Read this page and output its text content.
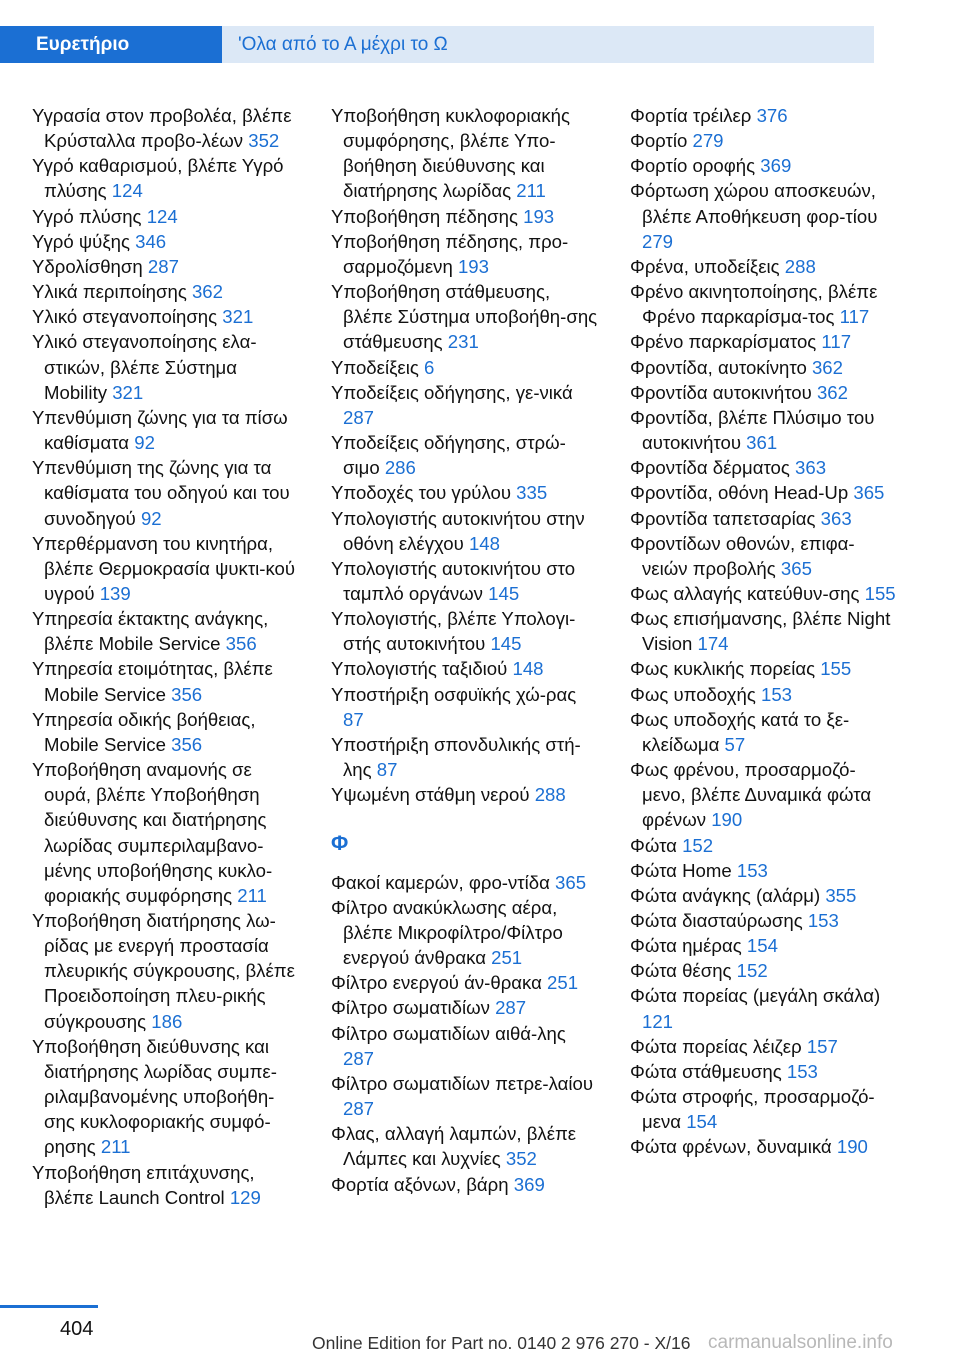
Ευρετήριο	'Ολα από το Α μέχρι το Ω
Υγρασία στον προβολέα, βλέπε Κρύσταλλα προβο‐λέων 352
Υγρό καθαρισμού, βλέπε Υγρό πλύσης 124
Υγρό πλύσης 124
Υγρό ψύξης 346
Υδρολίσθηση 287
Υλικά περιποίησης 362
Υλικό στεγανοποίησης 321
Υλικό στεγανοποίησης ελα‐στικών, βλέπε Σύστημα Mobility 321
Υπενθύμιση ζώνης για τα πίσω καθίσματα 92
Υπενθύμιση της ζώνης για τα καθίσματα του οδηγού και του συνοδηγού 92
Υπερθέρμανση του κινητήρα, βλέπε Θερμοκρασία ψυκτι‐κού υγρού 139
Υπηρεσία έκτακτης ανάγκης, βλέπε Mobile Service 356
Υπηρεσία ετοιμότητας, βλέπε Mobile Service 356
Υπηρεσία οδικής βοήθειας, Mobile Service 356
Υποβοήθηση αναμονής σε ουρά, βλέπε Υποβοήθηση διεύθυνσης και διατήρησης λωρίδας συμπεριλαμβανο‐μένης υποβοήθησης κυκλο‐φοριακής συμφόρησης 211
Υποβοήθηση διατήρησης λω‐ρίδας με ενεργή προστασία πλευρικής σύγκρουσης, βλέπε Προειδοποίηση πλευ‐ρικής σύγκρουσης 186
Υποβοήθηση διεύθυνσης και διατήρησης λωρίδας συμπε‐ριλαμβανομένης υποβοήθη‐σης κυκλοφοριακής συμφό‐ρησης 211
Υποβοήθηση επιτάχυνσης, βλέπε Launch Control 129
Υποβοήθηση κυκλοφοριακής συμφόρησης, βλέπε Υπο‐βοήθηση διεύθυνσης και διατήρησης λωρίδας 211
Υποβοήθηση πέδησης 193
Υποβοήθηση πέδησης, προ‐σαρμοζόμενη 193
Υποβοήθηση στάθμευσης, βλέπε Σύστημα υποβοήθη‐σης στάθμευσης 231
Υποδείξεις 6
Υποδείξεις οδήγησης, γε‐νικά 287
Υποδείξεις οδήγησης, στρώ‐σιμο 286
Υποδοχές του γρύλου 335
Υπολογιστής αυτοκινήτου στην οθόνη ελέγχου 148
Υπολογιστής αυτοκινήτου στο ταμπλό οργάνων 145
Υπολογιστής, βλέπε Υπολογι‐στής αυτοκινήτου 145
Υπολογιστής ταξιδιού 148
Υποστήριξη οσφυϊκής χώ‐ρας 87
Υποστήριξη σπονδυλικής στή‐λης 87
Υψωμένη στάθμη νερού 288
Φ
Φακοί καμερών, φρο‐ντίδα 365
Φίλτρο ανακύκλωσης αέρα, βλέπε Μικροφίλτρο/Φίλτρο ενεργού άνθρακα 251
Φίλτρο ενεργού άν‐θρακα 251
Φίλτρο σωματιδίων 287
Φίλτρο σωματιδίων αιθά‐λης 287
Φίλτρο σωματιδίων πετρε‐λαίου 287
Φλας, αλλαγή λαμπών, βλέπε Λάμπες και λυχνίες 352
Φορτία αξόνων, βάρη 369
Φορτία τρέιλερ 376
Φορτίο 279
Φορτίο οροφής 369
Φόρτωση χώρου αποσκευών, βλέπε Αποθήκευση φορ‐τίου 279
Φρένα, υποδείξεις 288
Φρένο ακινητοποίησης, βλέπε Φρένο παρκαρίσμα‐τος 117
Φρένο παρκαρίσματος 117
Φροντίδα, αυτοκίνητο 362
Φροντίδα αυτοκινήτου 362
Φροντίδα, βλέπε Πλύσιμο του αυτοκινήτου 361
Φροντίδα δέρματος 363
Φροντίδα, οθόνη Head-Up 365
Φροντίδα ταπετσαρίας 363
Φροντίδων οθονών, επιφα‐νειών προβολής 365
Φως αλλαγής κατεύθυν‐σης 155
Φως επισήμανσης, βλέπε Night Vision 174
Φως κυκλικής πορείας 155
Φως υποδοχής 153
Φως υποδοχής κατά το ξε‐κλείδωμα 57
Φως φρένου, προσαρμοζό‐μενο, βλέπε Δυναμικά φώτα φρένων 190
Φώτα 152
Φώτα Home 153
Φώτα ανάγκης (αλάρμ) 355
Φώτα διασταύρωσης 153
Φώτα ημέρας 154
Φώτα θέσης 152
Φώτα πορείας (μεγάλη σκάλα) 121
Φώτα πορείας λέιζερ 157
Φώτα στάθμευσης 153
Φώτα στροφής, προσαρμοζό‐μενα 154
Φώτα φρένων, δυναμικά 190
404
Online Edition for Part no. 0140 2 976 270 - X/16 carmanualsonline.info
